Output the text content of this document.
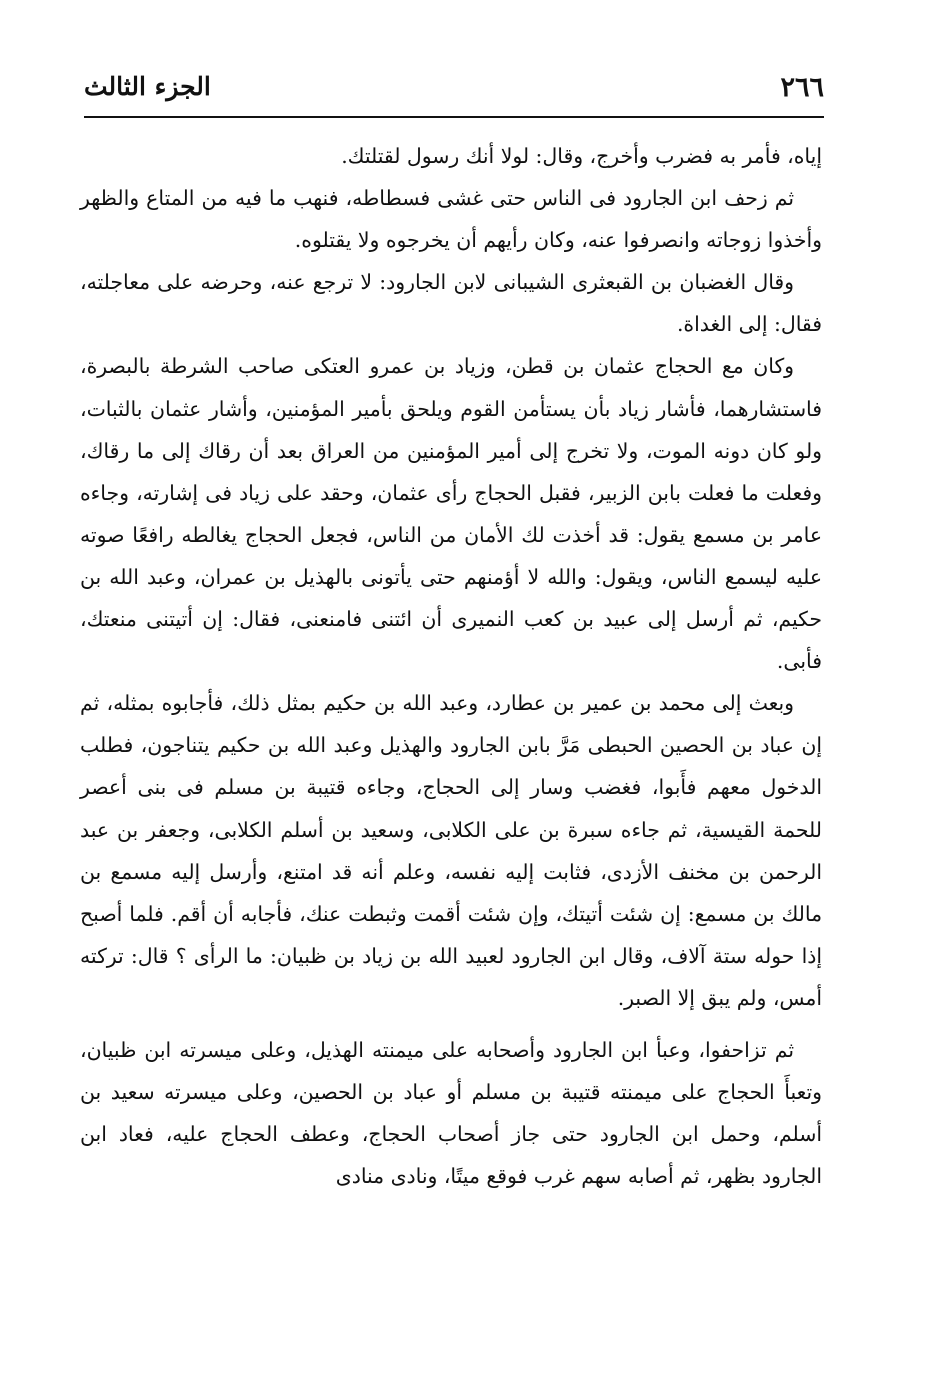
٢٦٦
الجزء الثالث

إياه، فأمر به فضرب وأخرج، وقال: لولا أنك رسول لقتلتك.

ثم زحف ابن الجارود فى الناس حتى غشى فسطاطه، فنهب ما فيه من المتاع والظهر وأخذوا زوجاته وانصرفوا عنه، وكان رأيهم أن يخرجوه ولا يقتلوه.

وقال الغضبان بن القبعثرى الشيبانى لابن الجارود: لا ترجع عنه، وحرضه على معاجلته، فقال: إلى الغداة.

وكان مع الحجاج عثمان بن قطن، وزياد بن عمرو العتكى صاحب الشرطة بالبصرة، فاستشارهما، فأشار زياد بأن يستأمن القوم ويلحق بأمير المؤمنين، وأشار عثمان بالثبات، ولو كان دونه الموت، ولا تخرج إلى أمير المؤمنين من العراق بعد أن رقاك إلى ما رقاك، وفعلت ما فعلت بابن الزبير، فقبل الحجاج رأى عثمان، وحقد على زياد فى إشارته، وجاءه عامر بن مسمع يقول: قد أخذت لك الأمان من الناس، فجعل الحجاج يغالطه رافعًا صوته عليه ليسمع الناس، ويقول: والله لا أؤمنهم حتى يأتونى بالهذيل بن عمران، وعبد الله بن حكيم، ثم أرسل إلى عبيد بن كعب النميرى أن ائتنى فامنعنى، فقال: إن أتيتنى منعتك، فأبى.

وبعث إلى محمد بن عمير بن عطارد، وعبد الله بن حكيم بمثل ذلك، فأجابوه بمثله، ثم إن عباد بن الحصين الحبطى مَرَّ بابن الجارود والهذيل وعبد الله بن حكيم يتناجون، فطلب الدخول معهم فأَبوا، فغضب وسار إلى الحجاج، وجاءه قتيبة بن مسلم فى بنى أعصر للحمة القيسية، ثم جاءه سبرة بن على الكلابى، وسعيد بن أسلم الكلابى، وجعفر بن عبد الرحمن بن مخنف الأزدى، فثابت إليه نفسه، وعلم أنه قد امتنع، وأرسل إليه مسمع بن مالك بن مسمع: إن شئت أتيتك، وإن شئت أقمت وثبطت عنك، فأجابه أن أقم. فلما أصبح إذا حوله ستة آلاف، وقال ابن الجارود لعبيد الله بن زياد بن ظبيان: ما الرأى ؟ قال: تركته أمس، ولم يبق إلا الصبر.

ثم تزاحفوا، وعبأ ابن الجارود وأصحابه على ميمنته الهذيل، وعلى ميسرته ابن ظبيان، وتعبأَ الحجاج على ميمنته قتيبة بن مسلم أو عباد بن الحصين، وعلى ميسرته سعيد بن أسلم، وحمل ابن الجارود حتى جاز أصحاب الحجاج، وعطف الحجاج عليه، فعاد ابن الجارود بظهر، ثم أصابه سهم غرب فوقع ميتًا، ونادى منادى
